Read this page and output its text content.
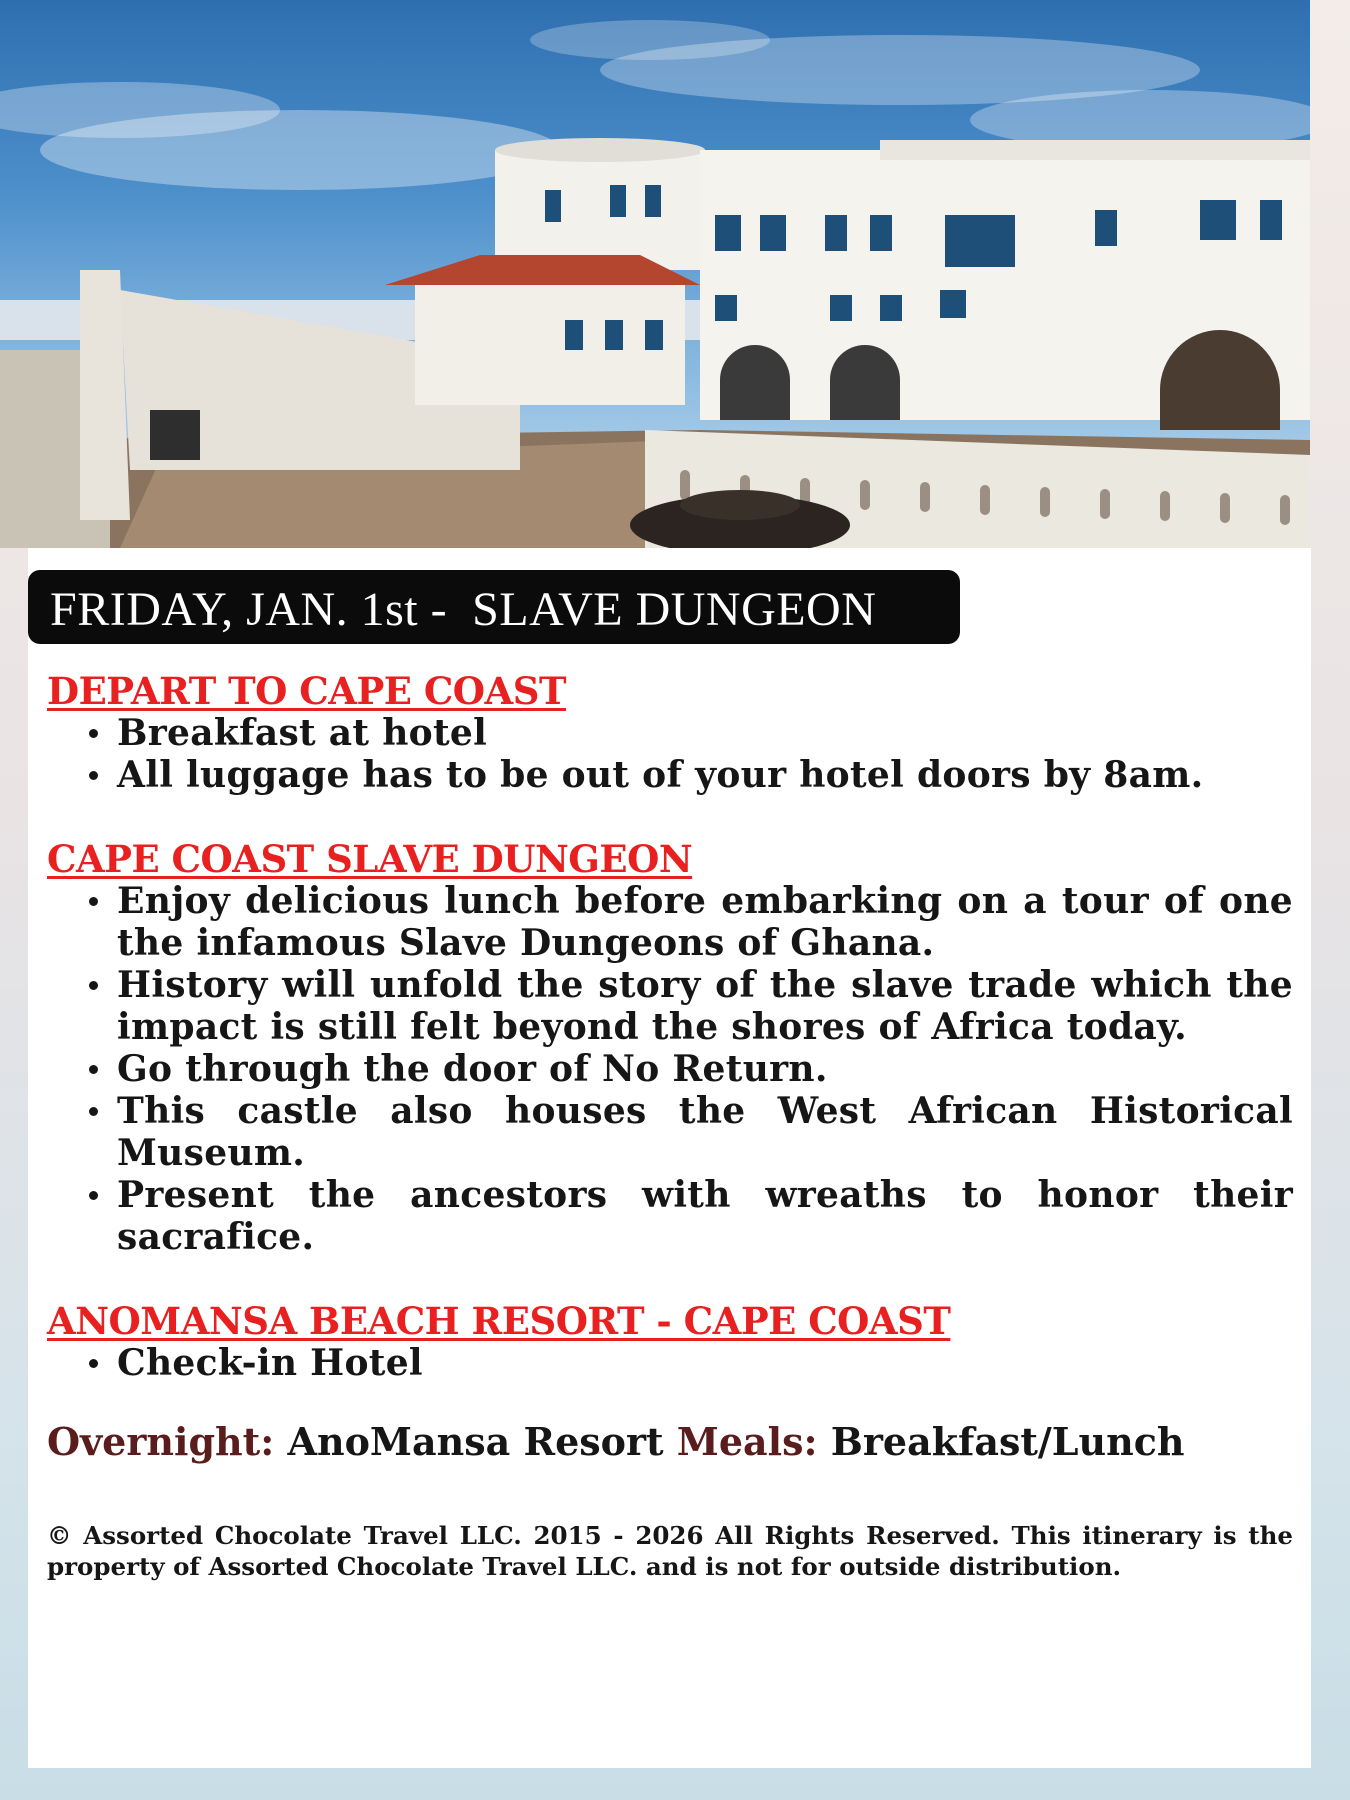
FRIDAY, JAN. 1st -  SLAVE DUNGEON
DEPART TO CAPE COAST
Breakfast at hotel
All luggage has to be out of your hotel doors by 8am.
CAPE COAST SLAVE DUNGEON
Enjoy delicious lunch before embarking on a tour of one the infamous Slave Dungeons of Ghana.
History will unfold the story of the slave trade which the impact is still felt beyond the shores of Africa today.
Go through the door of No Return.
This castle also houses the West African Historical Museum.
Present the ancestors with wreaths to honor their sacrafice.
ANOMANSA BEACH RESORT - CAPE COAST
Check-in Hotel
Overnight: AnoMansa Resort Meals: Breakfast/Lunch
© Assorted Chocolate Travel LLC. 2015 - 2026 All Rights Reserved. This itinerary is the property of Assorted Chocolate Travel LLC. and is not for outside distribution.
